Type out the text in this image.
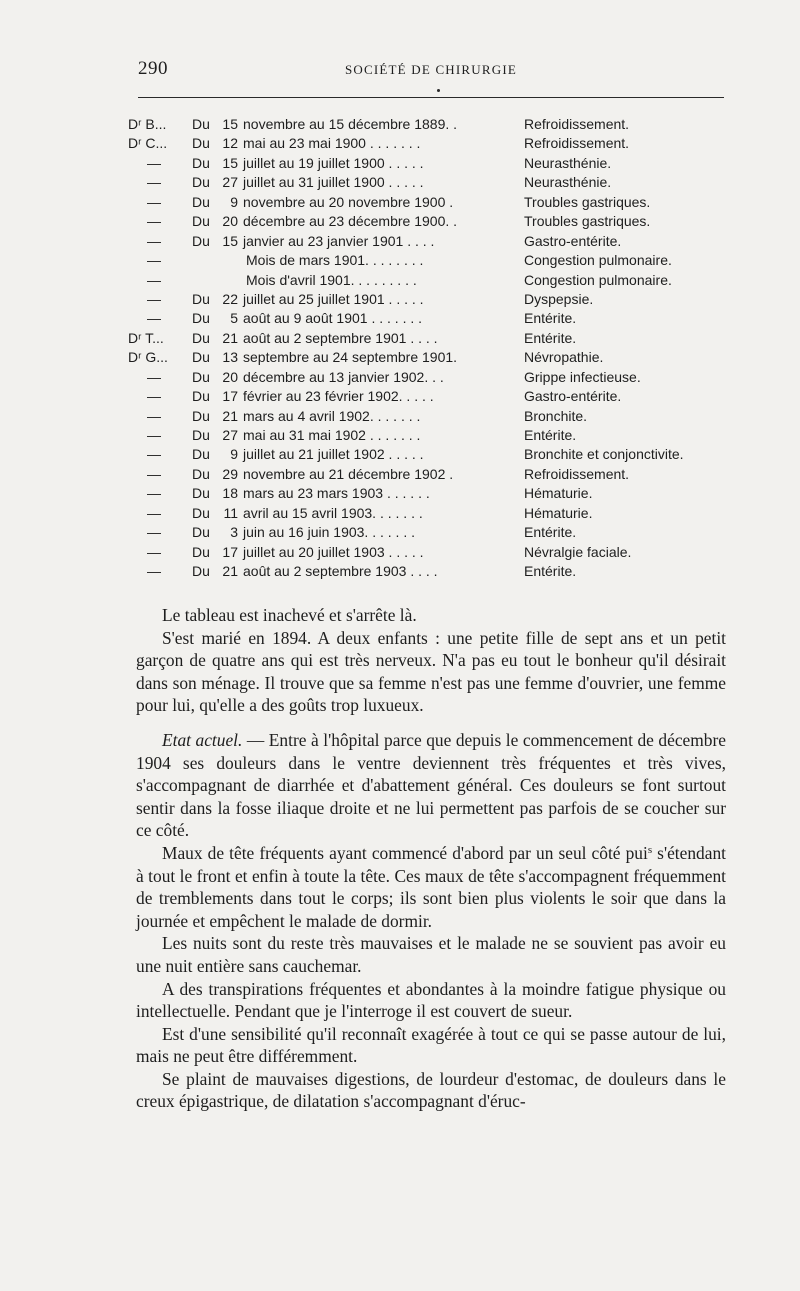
290	SOCIÉTÉ DE CHIRURGIE
Dʳ B...	Du 15 novembre au 15 décembre 1889. .	Refroidissement.
Dʳ C...	Du 12 mai au 23 mai 1900 . . . . . . .	Refroidissement.
—	Du 15 juillet au 19 juillet 1900 . . . . .	Neurasthénie.
—	Du 27 juillet au 31 juillet 1900 . . . . .	Neurasthénie.
—	Du	9 novembre au 20 novembre 1900 .	Troubles gastriques.
—	Du 20 décembre au 23 décembre 1900. .	Troubles gastriques.
—	Du 15 janvier au 23 janvier 1901 . . . .	Gastro-entérite.
—	Mois de mars 1901. . . . . . . .	Congestion pulmonaire.
—	Mois d'avril 1901. . . . . . . . .	Congestion pulmonaire.
—	Du 22 juillet au 25 juillet 1901 . . . . .	Dyspepsie.
—	Du	5 août au 9 août 1901 . . . . . . .	Entérite.
Dʳ T...	Du 21 août au 2 septembre 1901 . . . .	Entérite.
Dʳ G...	Du 13 septembre au 24 septembre 1901.	Névropathie.
—	Du 20 décembre au 13 janvier 1902. . .	Grippe infectieuse.
—	Du 17 février au 23 février 1902. . . . .	Gastro-entérite.
—	Du 21 mars au 4 avril 1902. . . . . . .	Bronchite.
—	Du 27 mai au 31 mai 1902 . . . . . . .	Entérite.
—	Du	9 juillet au 21 juillet 1902 . . . . .	Bronchite et conjonctivite.
—	Du 29 novembre au 21 décembre 1902 .	Refroidissement.
—	Du 18 mars au 23 mars 1903 . . . . . .	Hématurie.
—	Du 11 avril au 15 avril 1903. . . . . . .	Hématurie.
—	Du	3 juin au 16 juin 1903. . . . . . .	Entérite.
—	Du 17 juillet au 20 juillet 1903 . . . . .	Névralgie faciale.
—	Du 21 août au 2 septembre 1903 . . . .	Entérite.

Le tableau est inachevé et s'arrête là.

S'est marié en 1894. A deux enfants : une petite fille de sept ans et un petit garçon de quatre ans qui est très nerveux. N'a pas eu tout le bonheur qu'il désirait dans son ménage. Il trouve que sa femme n'est pas une femme d'ouvrier, une femme pour lui, qu'elle a des goûts trop luxueux.

Etat actuel. — Entre à l'hôpital parce que depuis le commencement de décembre 1904 ses douleurs dans le ventre deviennent très fréquentes et très vives, s'accompagnant de diarrhée et d'abattement général. Ces douleurs se font surtout sentir dans la fosse iliaque droite et ne lui permettent pas parfois de se coucher sur ce côté.

Maux de tête fréquents ayant commencé d'abord par un seul côté pui$^s$ s'étendant à tout le front et enfin à toute la tête. Ces maux de tête s'accompagnent fréquemment de tremblements dans tout le corps; ils sont bien plus violents le soir que dans la journée et empêchent le malade de dormir.

Les nuits sont du reste très mauvaises et le malade ne se souvient pas avoir eu une nuit entière sans cauchemar.

A des transpirations fréquentes et abondantes à la moindre fatigue physique ou intellectuelle. Pendant que je l'interroge il est couvert de sueur.

Est d'une sensibilité qu'il reconnaît exagérée à tout ce qui se passe autour de lui, mais ne peut être différemment.

Se plaint de mauvaises digestions, de lourdeur d'estomac, de douleurs dans le creux épigastrique, de dilatation s'accompagnant d'éruc-
